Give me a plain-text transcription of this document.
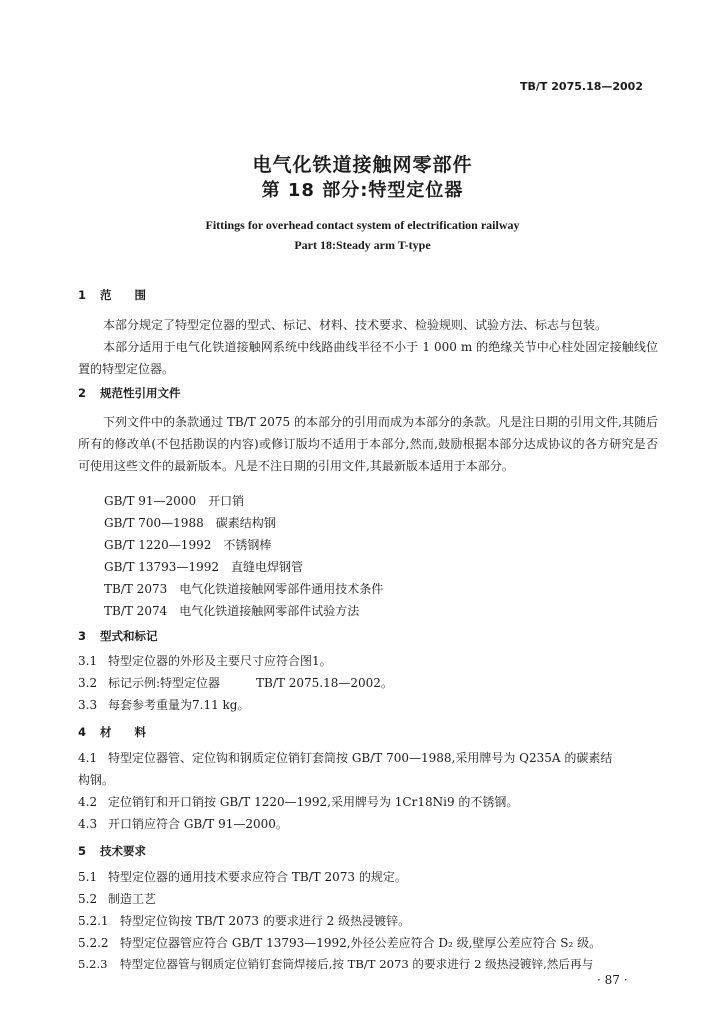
TB/T 2075.18—2002
电气化铁道接触网零部件
第 18 部分:特型定位器
Fittings for overhead contact system of electrification railway
Part 18:Steady arm T-type
1 范　　围
本部分规定了特型定位器的型式、标记、材料、技术要求、检验规则、试验方法、标志与包装。
本部分适用于电气化铁道接触网系统中线路曲线半径不小于 1 000 m 的绝缘关节中心柱处固定接触线位置的特型定位器。
2 规范性引用文件
下列文件中的条款通过 TB/T 2075 的本部分的引用而成为本部分的条款。凡是注日期的引用文件,其随后所有的修改单(不包括勘误的内容)或修订版均不适用于本部分,然而,鼓励根据本部分达成协议的各方研究是否可使用这些文件的最新版本。凡是不注日期的引用文件,其最新版本适用于本部分。
GB/T 91—2000　开口销
GB/T 700—1988　碳素结构钢
GB/T 1220—1992　不锈钢棒
GB/T 13793—1992　直缝电焊钢管
TB/T 2073　电气化铁道接触网零部件通用技术条件
TB/T 2074　电气化铁道接触网零部件试验方法
3 型式和标记
3.1 特型定位器的外形及主要尺寸应符合图1。
3.2 标记示例:特型定位器　　　TB/T 2075.18—2002。
3.3 每套参考重量为7.11 kg。
4 材　　料
4.1 特型定位器管、定位钩和钢质定位销钉套筒按 GB/T 700—1988,采用牌号为 Q235A 的碳素结
构钢。
4.2 定位销钉和开口销按 GB/T 1220—1992,采用牌号为 1Cr18Ni9 的不锈钢。
4.3 开口销应符合 GB/T 91—2000。
5 技术要求
5.1 特型定位器的通用技术要求应符合 TB/T 2073 的规定。
5.2 制造工艺
5.2.1 特型定位钩按 TB/T 2073 的要求进行 2 级热浸镀锌。
5.2.2 特型定位器管应符合 GB/T 13793—1992,外径公差应符合 D₂ 级,壁厚公差应符合 S₂ 级。
5.2.3 特型定位器管与钢质定位销钉套筒焊接后,按 TB/T 2073 的要求进行 2 级热浸镀锌,然后再与
· 87 ·
